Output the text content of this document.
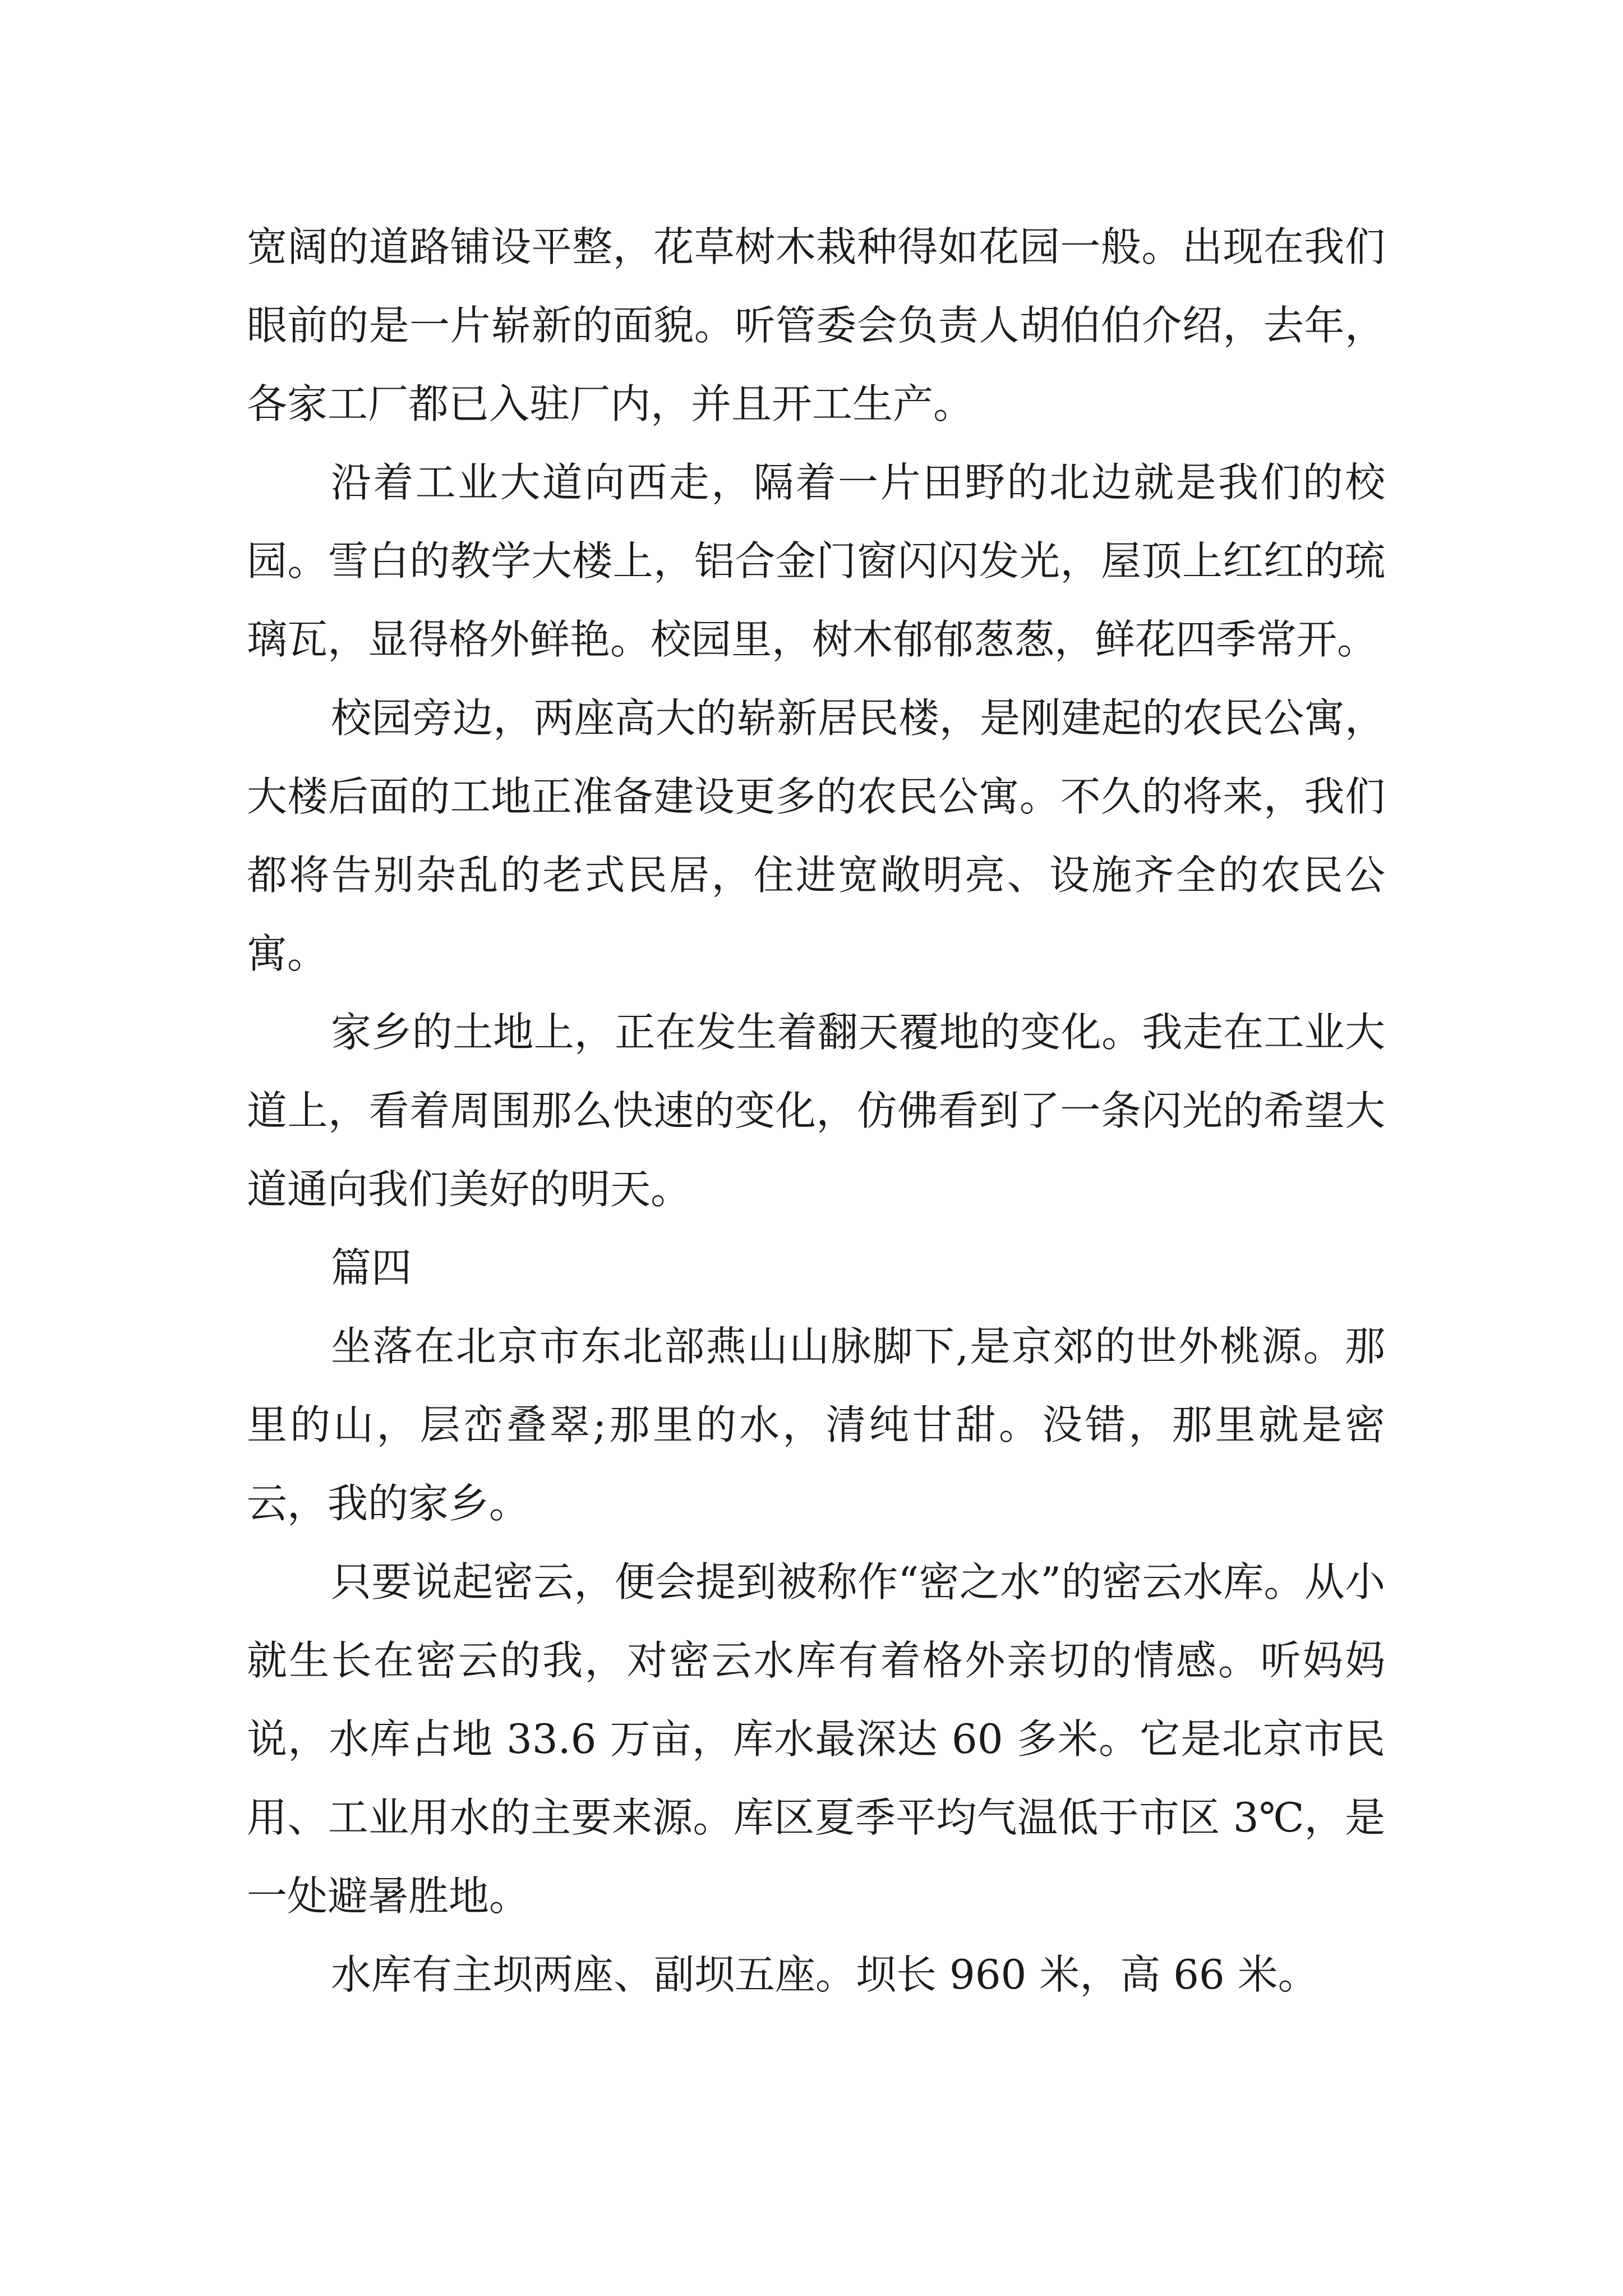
宽阔的道路铺设平整，花草树木栽种得如花园一般。出现在我们眼前的是一片崭新的面貌。听管委会负责人胡伯伯介绍，去年，各家工厂都已入驻厂内，并且开工生产。

沿着工业大道向西走，隔着一片田野的北边就是我们的校园。雪白的教学大楼上，铝合金门窗闪闪发光，屋顶上红红的琉璃瓦，显得格外鲜艳。校园里，树木郁郁葱葱，鲜花四季常开。

校园旁边，两座高大的崭新居民楼，是刚建起的农民公寓，大楼后面的工地正准备建设更多的农民公寓。不久的将来，我们都将告别杂乱的老式民居，住进宽敞明亮、设施齐全的农民公寓。

家乡的土地上，正在发生着翻天覆地的变化。我走在工业大道上，看着周围那么快速的变化，仿佛看到了一条闪光的希望大道通向我们美好的明天。

篇四

坐落在北京市东北部燕山山脉脚下,是京郊的世外桃源。那里的山，层峦叠翠;那里的水，清纯甘甜。没错，那里就是密云，我的家乡。

只要说起密云，便会提到被称作“密之水”的密云水库。从小就生长在密云的我，对密云水库有着格外亲切的情感。听妈妈说，水库占地 33.6 万亩，库水最深达 60 多米。它是北京市民用、工业用水的主要来源。库区夏季平均气温低于市区 3℃，是一处避暑胜地。

水库有主坝两座、副坝五座。坝长 960 米，高 66 米。
